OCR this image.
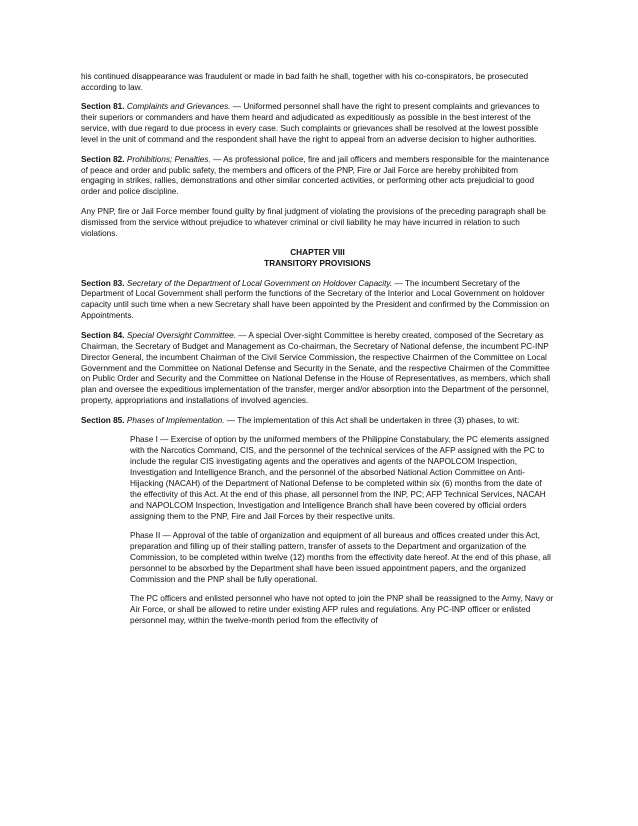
his continued disappearance was fraudulent or made in bad faith he shall, together with his co-conspirators, be prosecuted according to law.

Section 81. Complaints and Grievances. — Uniformed personnel shall have the right to present complaints and grievances to their superiors or commanders and have them heard and adjudicated as expeditiously as possible in the best interest of the service, with due regard to due process in every case. Such complaints or grievances shall be resolved at the lowest possible level in the unit of command and the respondent shall have the right to appeal from an adverse decision to higher authorities.

Section 82. Prohibitions; Penalties. — As professional police, fire and jail officers and members responsible for the maintenance of peace and order and public safety, the members and officers of the PNP, Fire or Jail Force are hereby prohibited from engaging in strikes, rallies, demonstrations and other similar concerted activities, or performing other acts prejudicial to good order and police discipline.

Any PNP, fire or Jail Force member found guilty by final judgment of violating the provisions of the preceding paragraph shall be dismissed from the service without prejudice to whatever criminal or civil liability he may have incurred in relation to such violations.

CHAPTER VIII
TRANSITORY PROVISIONS

Section 83. Secretary of the Department of Local Government on Holdover Capacity. — The incumbent Secretary of the Department of Local Government shall perform the functions of the Secretary of the Interior and Local Government on holdover capacity until such time when a new Secretary shall have been appointed by the President and confirmed by the Commission on Appointments.

Section 84. Special Oversight Committee. — A special Over-sight Committee is hereby created, composed of the Secretary as Chairman, the Secretary of Budget and Management as Co-chairman, the Secretary of National defense, the incumbent PC-INP Director General, the incumbent Chairman of the Civil Service Commission, the respective Chairmen of the Committee on Local Government and the Committee on National Defense and Security in the Senate, and the respective Chairmen of the Committee on Public Order and Security and the Committee on National Defense in the House of Representatives, as members, which shall plan and oversee the expeditious implementation of the transfer, merger and/or absorption into the Department of the personnel, property, appropriations and installations of involved agencies.

Section 85. Phases of Implementation. — The implementation of this Act shall be undertaken in three (3) phases, to wit:

Phase I — Exercise of option by the uniformed members of the Philippine Constabulary, the PC elements assigned with the Narcotics Command, CIS, and the personnel of the technical services of the AFP assigned with the PC to include the regular CIS investigating agents and the operatives and agents of the NAPOLCOM Inspection, Investigation and Intelligence Branch, and the personnel of the absorbed National Action Committee on Anti-Hijacking (NACAH) of the Department of National Defense to be completed within six (6) months from the date of the effectivity of this Act. At the end of this phase, all personnel from the INP, PC; AFP Technical Services, NACAH and NAPOLCOM Inspection, Investigation and Intelligence Branch shall have been covered by official orders assigning them to the PNP, Fire and Jail Forces by their respective units.

Phase II — Approval of the table of organization and equipment of all bureaus and offices created under this Act, preparation and filling up of their stalling pattern, transfer of assets to the Department and organization of the Commission, to be completed within twelve (12) months from the effectivity date hereof. At the end of this phase, all personnel to be absorbed by the Department shall have been issued appointment papers, and the organized Commission and the PNP shall be fully operational.

The PC officers and enlisted personnel who have not opted to join the PNP shall be reassigned to the Army, Navy or Air Force, or shall be allowed to retire under existing AFP rules and regulations. Any PC-INP officer or enlisted personnel may, within the twelve-month period from the effectivity of
